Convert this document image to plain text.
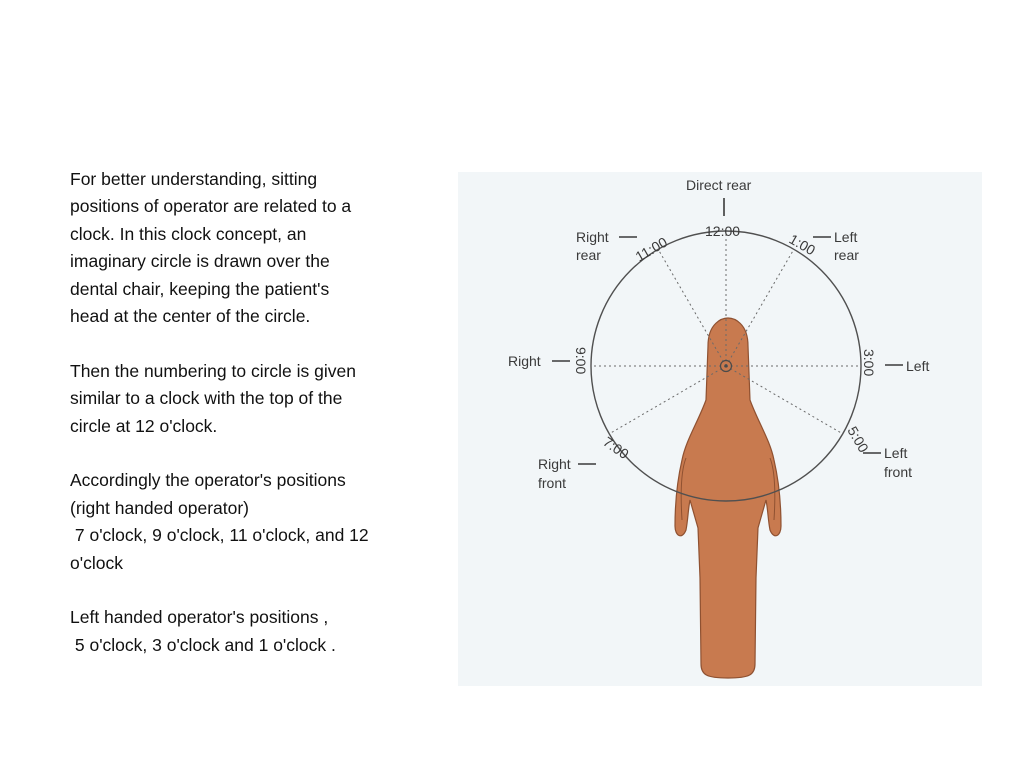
For better understanding, sitting
positions of operator are related to a
clock. In this clock concept, an
imaginary circle is drawn over the
dental chair, keeping the patient's
head at the center of the circle.
Then the numbering to circle is given
similar to a clock with the top of the
circle at 12 o'clock.
Accordingly the operator's positions
(right handed operator)
7 o'clock, 9 o'clock, 11 o'clock, and 12
o'clock
Left handed operator's positions ,
5 o'clock, 3 o'clock and 1 o'clock .
Direct rear
Right
rear
Left
rear
Right	Left
Right
front
Left
front
12:00
11:00	1:00
9:00	3:00
7:00	5:00
